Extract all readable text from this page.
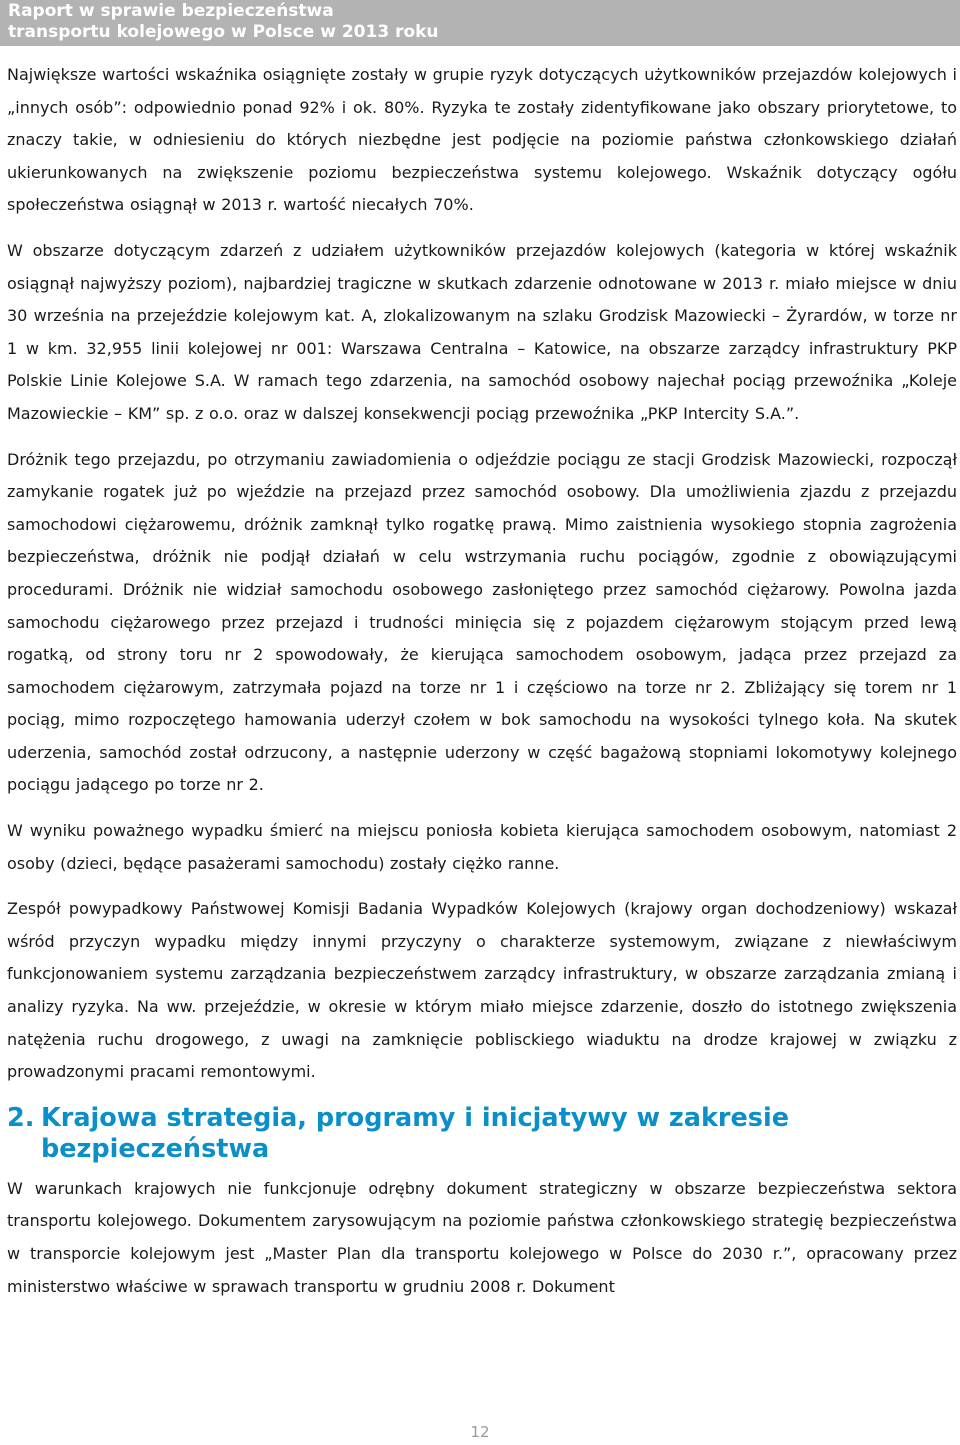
Raport w sprawie bezpieczeństwa
transportu kolejowego w Polsce w 2013 roku

Największe wartości wskaźnika osiągnięte zostały w grupie ryzyk dotyczących użytkowników przejazdów kolejowych i „innych osób”: odpowiednio ponad 92% i ok. 80%. Ryzyka te zostały zidentyfikowane jako obszary priorytetowe, to znaczy takie, w odniesieniu do których niezbędne jest podjęcie na poziomie państwa członkowskiego działań ukierunkowanych na zwiększenie poziomu bezpieczeństwa systemu kolejowego. Wskaźnik dotyczący ogółu społeczeństwa osiągnął w 2013 r. wartość niecałych 70%.

W obszarze dotyczącym zdarzeń z udziałem użytkowników przejazdów kolejowych (kategoria w której wskaźnik osiągnął najwyższy poziom), najbardziej tragiczne w skutkach zdarzenie odnotowane w 2013 r. miało miejsce w dniu 30 września na przejeździe kolejowym kat. A, zlokalizowanym na szlaku Grodzisk Mazowiecki – Żyrardów, w torze nr 1 w km. 32,955 linii kolejowej nr 001: Warszawa Centralna – Katowice, na obszarze zarządcy infrastruktury PKP Polskie Linie Kolejowe S.A. W ramach tego zdarzenia, na samochód osobowy najechał pociąg przewoźnika „Koleje Mazowieckie – KM” sp. z o.o. oraz w dalszej konsekwencji pociąg przewoźnika „PKP Intercity S.A.”.

Dróżnik tego przejazdu, po otrzymaniu zawiadomienia o odjeździe pociągu ze stacji Grodzisk Mazowiecki, rozpoczął zamykanie rogatek już po wjeździe na przejazd przez samochód osobowy. Dla umożliwienia zjazdu z przejazdu samochodowi ciężarowemu, dróżnik zamknął tylko rogatkę prawą. Mimo zaistnienia wysokiego stopnia zagrożenia bezpieczeństwa, dróżnik nie podjął działań w celu wstrzymania ruchu pociągów, zgodnie z obowiązującymi procedurami. Dróżnik nie widział samochodu osobowego zasłoniętego przez samochód ciężarowy. Powolna jazda samochodu ciężarowego przez przejazd i trudności minięcia się z pojazdem ciężarowym stojącym przed lewą rogatką, od strony toru nr 2 spowodowały, że kierująca samochodem osobowym, jadąca przez przejazd za samochodem ciężarowym, zatrzymała pojazd na torze nr 1 i częściowo na torze nr 2. Zbliżający się torem nr 1 pociąg, mimo rozpoczętego hamowania uderzył czołem w bok samochodu na wysokości tylnego koła. Na skutek uderzenia, samochód został odrzucony, a następnie uderzony w część bagażową stopniami lokomotywy kolejnego pociągu jadącego po torze nr 2.

W wyniku poważnego wypadku śmierć na miejscu poniosła kobieta kierująca samochodem osobowym, natomiast 2 osoby (dzieci, będące pasażerami samochodu) zostały ciężko ranne.

Zespół powypadkowy Państwowej Komisji Badania Wypadków Kolejowych (krajowy organ dochodzeniowy) wskazał wśród przyczyn wypadku między innymi przyczyny o charakterze systemowym, związane z niewłaściwym funkcjonowaniem systemu zarządzania bezpieczeństwem zarządcy infrastruktury, w obszarze zarządzania zmianą i analizy ryzyka. Na ww. przejeździe, w okresie w którym miało miejsce zdarzenie, doszło do istotnego zwiększenia natężenia ruchu drogowego, z uwagi na zamknięcie poblisckiego wiaduktu na drodze krajowej w związku z prowadzonymi pracami remontowymi.

2. Krajowa strategia, programy i inicjatywy w zakresie bezpieczeństwa

W warunkach krajowych nie funkcjonuje odrębny dokument strategiczny w obszarze bezpieczeństwa sektora transportu kolejowego. Dokumentem zarysowującym na poziomie państwa członkowskiego strategię bezpieczeństwa w transporcie kolejowym jest „Master Plan dla transportu kolejowego w Polsce do 2030 r.”, opracowany przez ministerstwo właściwe w sprawach transportu w grudniu 2008 r. Dokument

12
